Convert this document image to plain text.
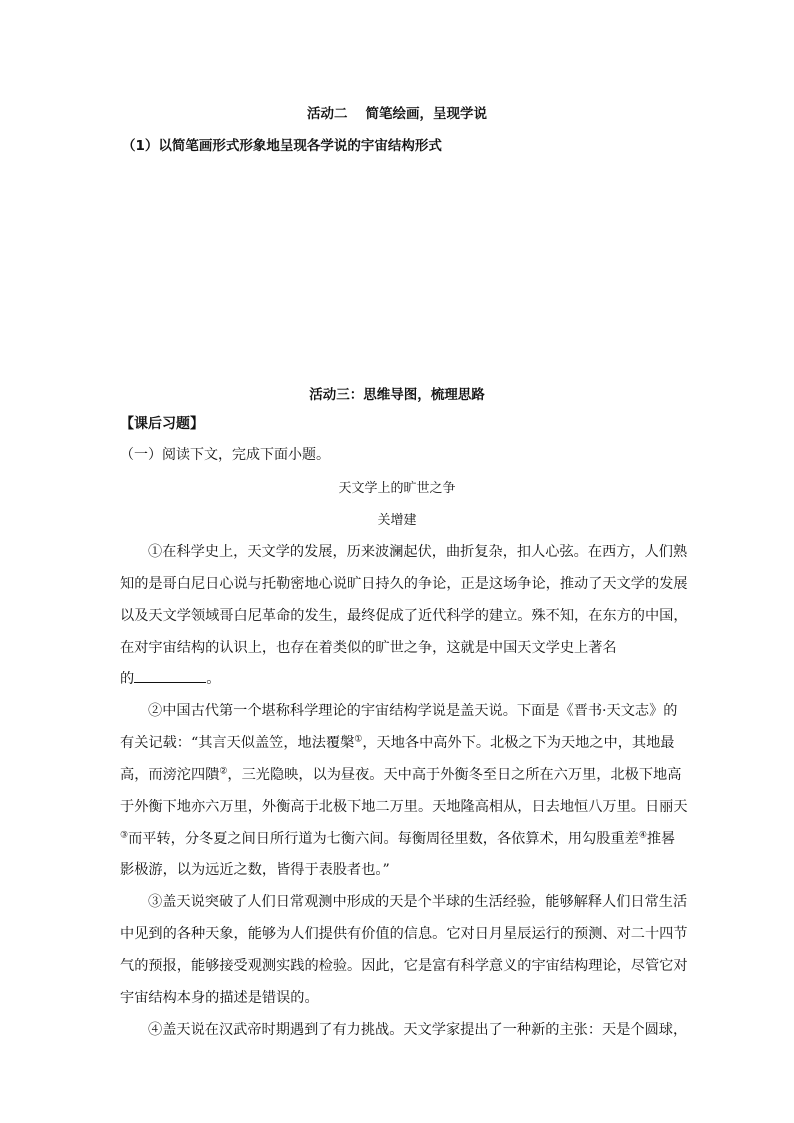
活动二 简笔绘画，呈现学说
（1）以简笔画形式形象地呈现各学说的宇宙结构形式
活动三：思维导图，梳理思路
【课后习题】
（一）阅读下文，完成下面小题。
天文学上的旷世之争
关增建
①在科学史上，天文学的发展，历来波澜起伏，曲折复杂，扣人心弦。在西方，人们熟
知的是哥白尼日心说与托勒密地心说旷日持久的争论，正是这场争论，推动了天文学的发展
以及天文学领域哥白尼革命的发生，最终促成了近代科学的建立。殊不知，在东方的中国，
在对宇宙结构的认识上，也存在着类似的旷世之争，这就是中国天文学史上著名
的	。
②中国古代第一个堪称科学理论的宇宙结构学说是盖天说。下面是《晋书·天文志》的
有关记载：“其言天似盖笠，地法覆槃①，天地各中高外下。北极之下为天地之中，其地最
高，而滂沱四隤②，三光隐映，以为昼夜。天中高于外衡冬至日之所在六万里，北极下地高
于外衡下地亦六万里，外衡高于北极下地二万里。天地隆高相从，日去地恒八万里。日丽天
③而平转，分冬夏之间日所行道为七衡六间。每衡周径里数，各依算术，用勾股重差④推晷
影极游，以为远近之数，皆得于表股者也。”
③盖天说突破了人们日常观测中形成的天是个半球的生活经验，能够解释人们日常生活
中见到的各种天象，能够为人们提供有价值的信息。它对日月星辰运行的预测、对二十四节
气的预报，能够接受观测实践的检验。因此，它是富有科学意义的宇宙结构理论，尽管它对
宇宙结构本身的描述是错误的。
④盖天说在汉武帝时期遇到了有力挑战。天文学家提出了一种新的主张：天是个圆球，
